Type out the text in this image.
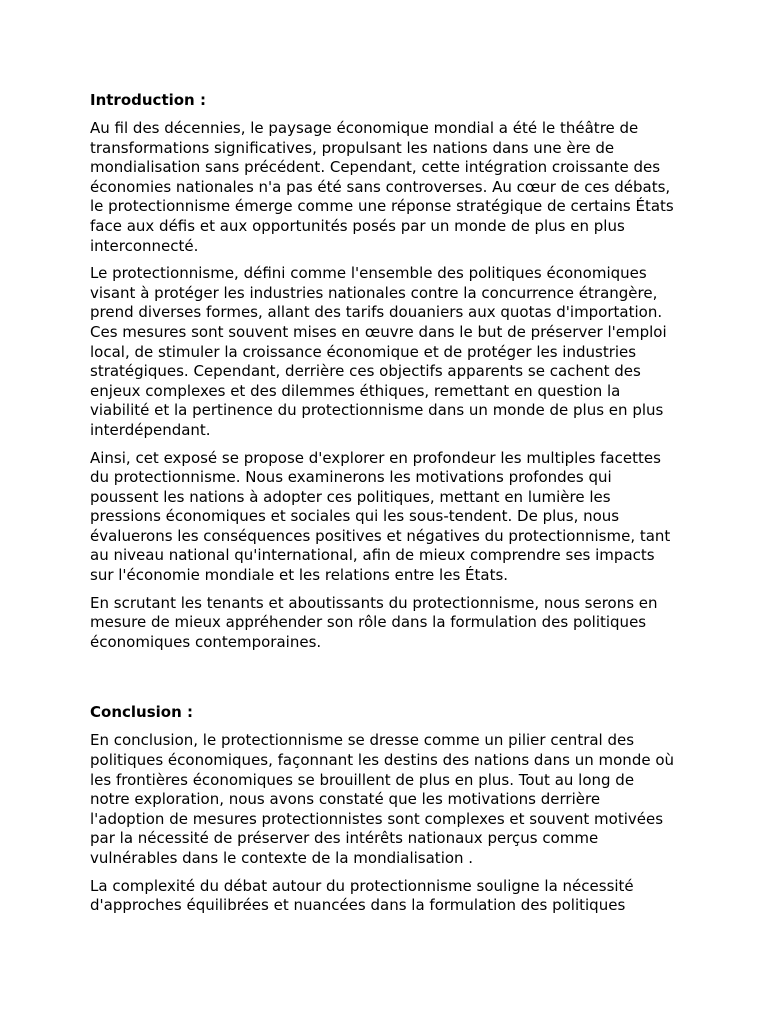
Introduction :
Au fil des décennies, le paysage économique mondial a été le théâtre de
transformations significatives, propulsant les nations dans une ère de
mondialisation sans précédent. Cependant, cette intégration croissante des
économies nationales n'a pas été sans controverses. Au cœur de ces débats,
le protectionnisme émerge comme une réponse stratégique de certains États
face aux défis et aux opportunités posés par un monde de plus en plus
interconnecté.
Le protectionnisme, défini comme l'ensemble des politiques économiques
visant à protéger les industries nationales contre la concurrence étrangère,
prend diverses formes, allant des tarifs douaniers aux quotas d'importation.
Ces mesures sont souvent mises en œuvre dans le but de préserver l'emploi
local, de stimuler la croissance économique et de protéger les industries
stratégiques. Cependant, derrière ces objectifs apparents se cachent des
enjeux complexes et des dilemmes éthiques, remettant en question la
viabilité et la pertinence du protectionnisme dans un monde de plus en plus
interdépendant.
Ainsi, cet exposé se propose d'explorer en profondeur les multiples facettes
du protectionnisme. Nous examinerons les motivations profondes qui
poussent les nations à adopter ces politiques, mettant en lumière les
pressions économiques et sociales qui les sous-tendent. De plus, nous
évaluerons les conséquences positives et négatives du protectionnisme, tant
au niveau national qu'international, afin de mieux comprendre ses impacts
sur l'économie mondiale et les relations entre les États.
En scrutant les tenants et aboutissants du protectionnisme, nous serons en
mesure de mieux appréhender son rôle dans la formulation des politiques
économiques contemporaines.
Conclusion :
En conclusion, le protectionnisme se dresse comme un pilier central des
politiques économiques, façonnant les destins des nations dans un monde où
les frontières économiques se brouillent de plus en plus. Tout au long de
notre exploration, nous avons constaté que les motivations derrière
l'adoption de mesures protectionnistes sont complexes et souvent motivées
par la nécessité de préserver des intérêts nationaux perçus comme
vulnérables dans le contexte de la mondialisation .
La complexité du débat autour du protectionnisme souligne la nécessité
d'approches équilibrées et nuancées dans la formulation des politiques
